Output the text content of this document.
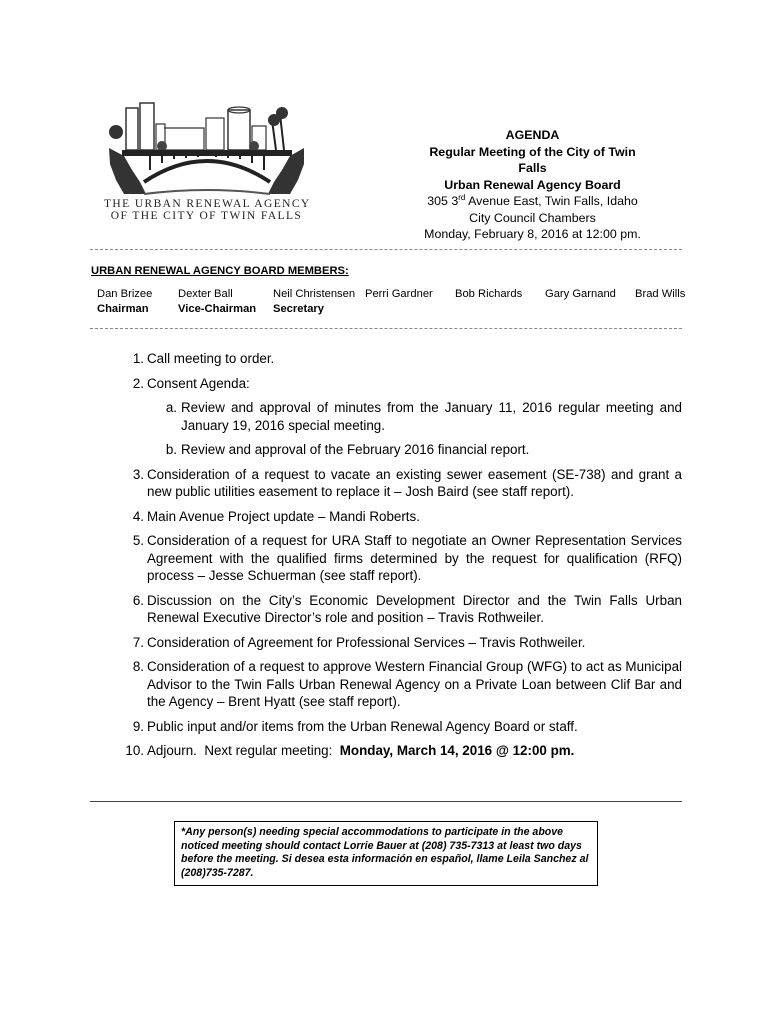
THE URBAN RENEWAL AGENCY
OF THE CITY OF TWIN FALLS
AGENDA
Regular Meeting of the City of Twin Falls
Urban Renewal Agency Board
305 3rd Avenue East, Twin Falls, Idaho
City Council Chambers
Monday, February 8, 2016 at 12:00 pm.
URBAN RENEWAL AGENCY BOARD MEMBERS:
Dan Brizee
Chairman
Dexter Ball
Vice-Chairman
Neil Christensen
Secretary
Perri Gardner Bob Richards Gary Garnand Brad Wills
1. Call meeting to order.
2. Consent Agenda:
a. Review and approval of minutes from the January 11, 2016 regular meeting and January 19, 2016 special meeting.
b. Review and approval of the February 2016 financial report.
3. Consideration of a request to vacate an existing sewer easement (SE-738) and grant a new public utilities easement to replace it – Josh Baird (see staff report).
4. Main Avenue Project update – Mandi Roberts.
5. Consideration of a request for URA Staff to negotiate an Owner Representation Services Agreement with the qualified firms determined by the request for qualification (RFQ) process – Jesse Schuerman (see staff report).
6. Discussion on the City’s Economic Development Director and the Twin Falls Urban Renewal Executive Director’s role and position – Travis Rothweiler.
7. Consideration of Agreement for Professional Services – Travis Rothweiler.
8. Consideration of a request to approve Western Financial Group (WFG) to act as Municipal Advisor to the Twin Falls Urban Renewal Agency on a Private Loan between Clif Bar and the Agency – Brent Hyatt (see staff report).
9. Public input and/or items from the Urban Renewal Agency Board or staff.
10. Adjourn.  Next regular meeting:  Monday, March 14, 2016 @ 12:00 pm.
*Any person(s) needing special accommodations to participate in the above noticed meeting should contact Lorrie Bauer at (208) 735-7313 at least two days before the meeting. Si desea esta información en español, llame Leila Sanchez al (208)735-7287.
